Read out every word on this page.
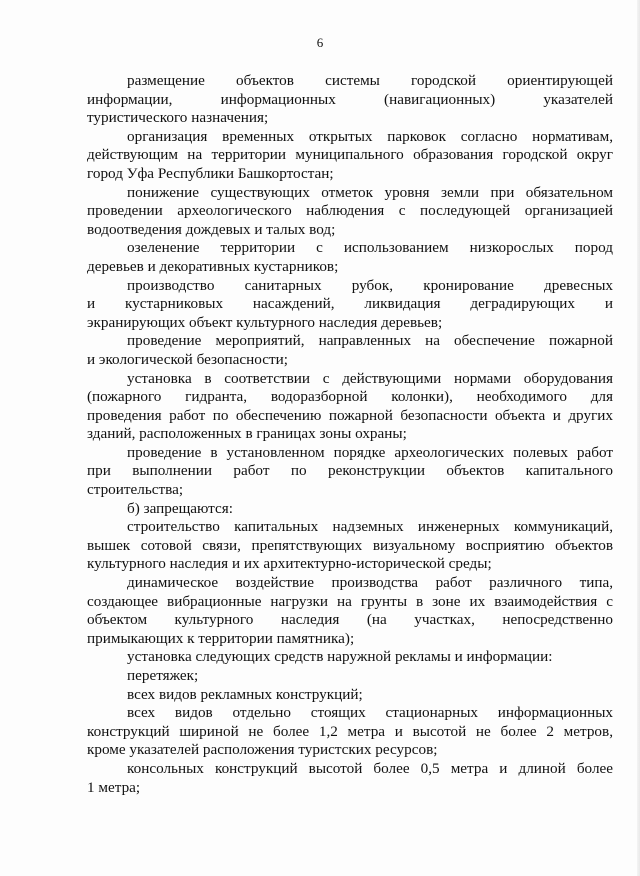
6
размещение объектов системы городской ориентирующей
информации, информационных (навигационных) указателей
туристического назначения;
организация временных открытых парковок согласно нормативам,
действующим на территории муниципального образования городской округ
город Уфа Республики Башкортостан;
понижение существующих отметок уровня земли при обязательном
проведении археологического наблюдения с последующей организацией
водоотведения дождевых и талых вод;
озеленение территории с использованием низкорослых пород
деревьев и декоративных кустарников;
производство санитарных рубок, кронирование древесных
и кустарниковых насаждений, ликвидация деградирующих и
экранирующих объект культурного наследия деревьев;
проведение мероприятий, направленных на обеспечение пожарной
и экологической безопасности;
установка в соответствии с действующими нормами оборудования
(пожарного гидранта, водоразборной колонки), необходимого для
проведения работ по обеспечению пожарной безопасности объекта и других
зданий, расположенных в границах зоны охраны;
проведение в установленном порядке археологических полевых работ
при выполнении работ по реконструкции объектов капитального
строительства;
б) запрещаются:
строительство капитальных надземных инженерных коммуникаций,
вышек сотовой связи, препятствующих визуальному восприятию объектов
культурного наследия и их архитектурно-исторической среды;
динамическое воздействие производства работ различного типа,
создающее вибрационные нагрузки на грунты в зоне их взаимодействия с
объектом культурного наследия (на участках, непосредственно
примыкающих к территории памятника);
установка следующих средств наружной рекламы и информации:
перетяжек;
всех видов рекламных конструкций;
всех видов отдельно стоящих стационарных информационных
конструкций шириной не более 1,2 метра и высотой не более 2 метров,
кроме указателей расположения туристских ресурсов;
консольных конструкций высотой более 0,5 метра и длиной более
1 метра;
